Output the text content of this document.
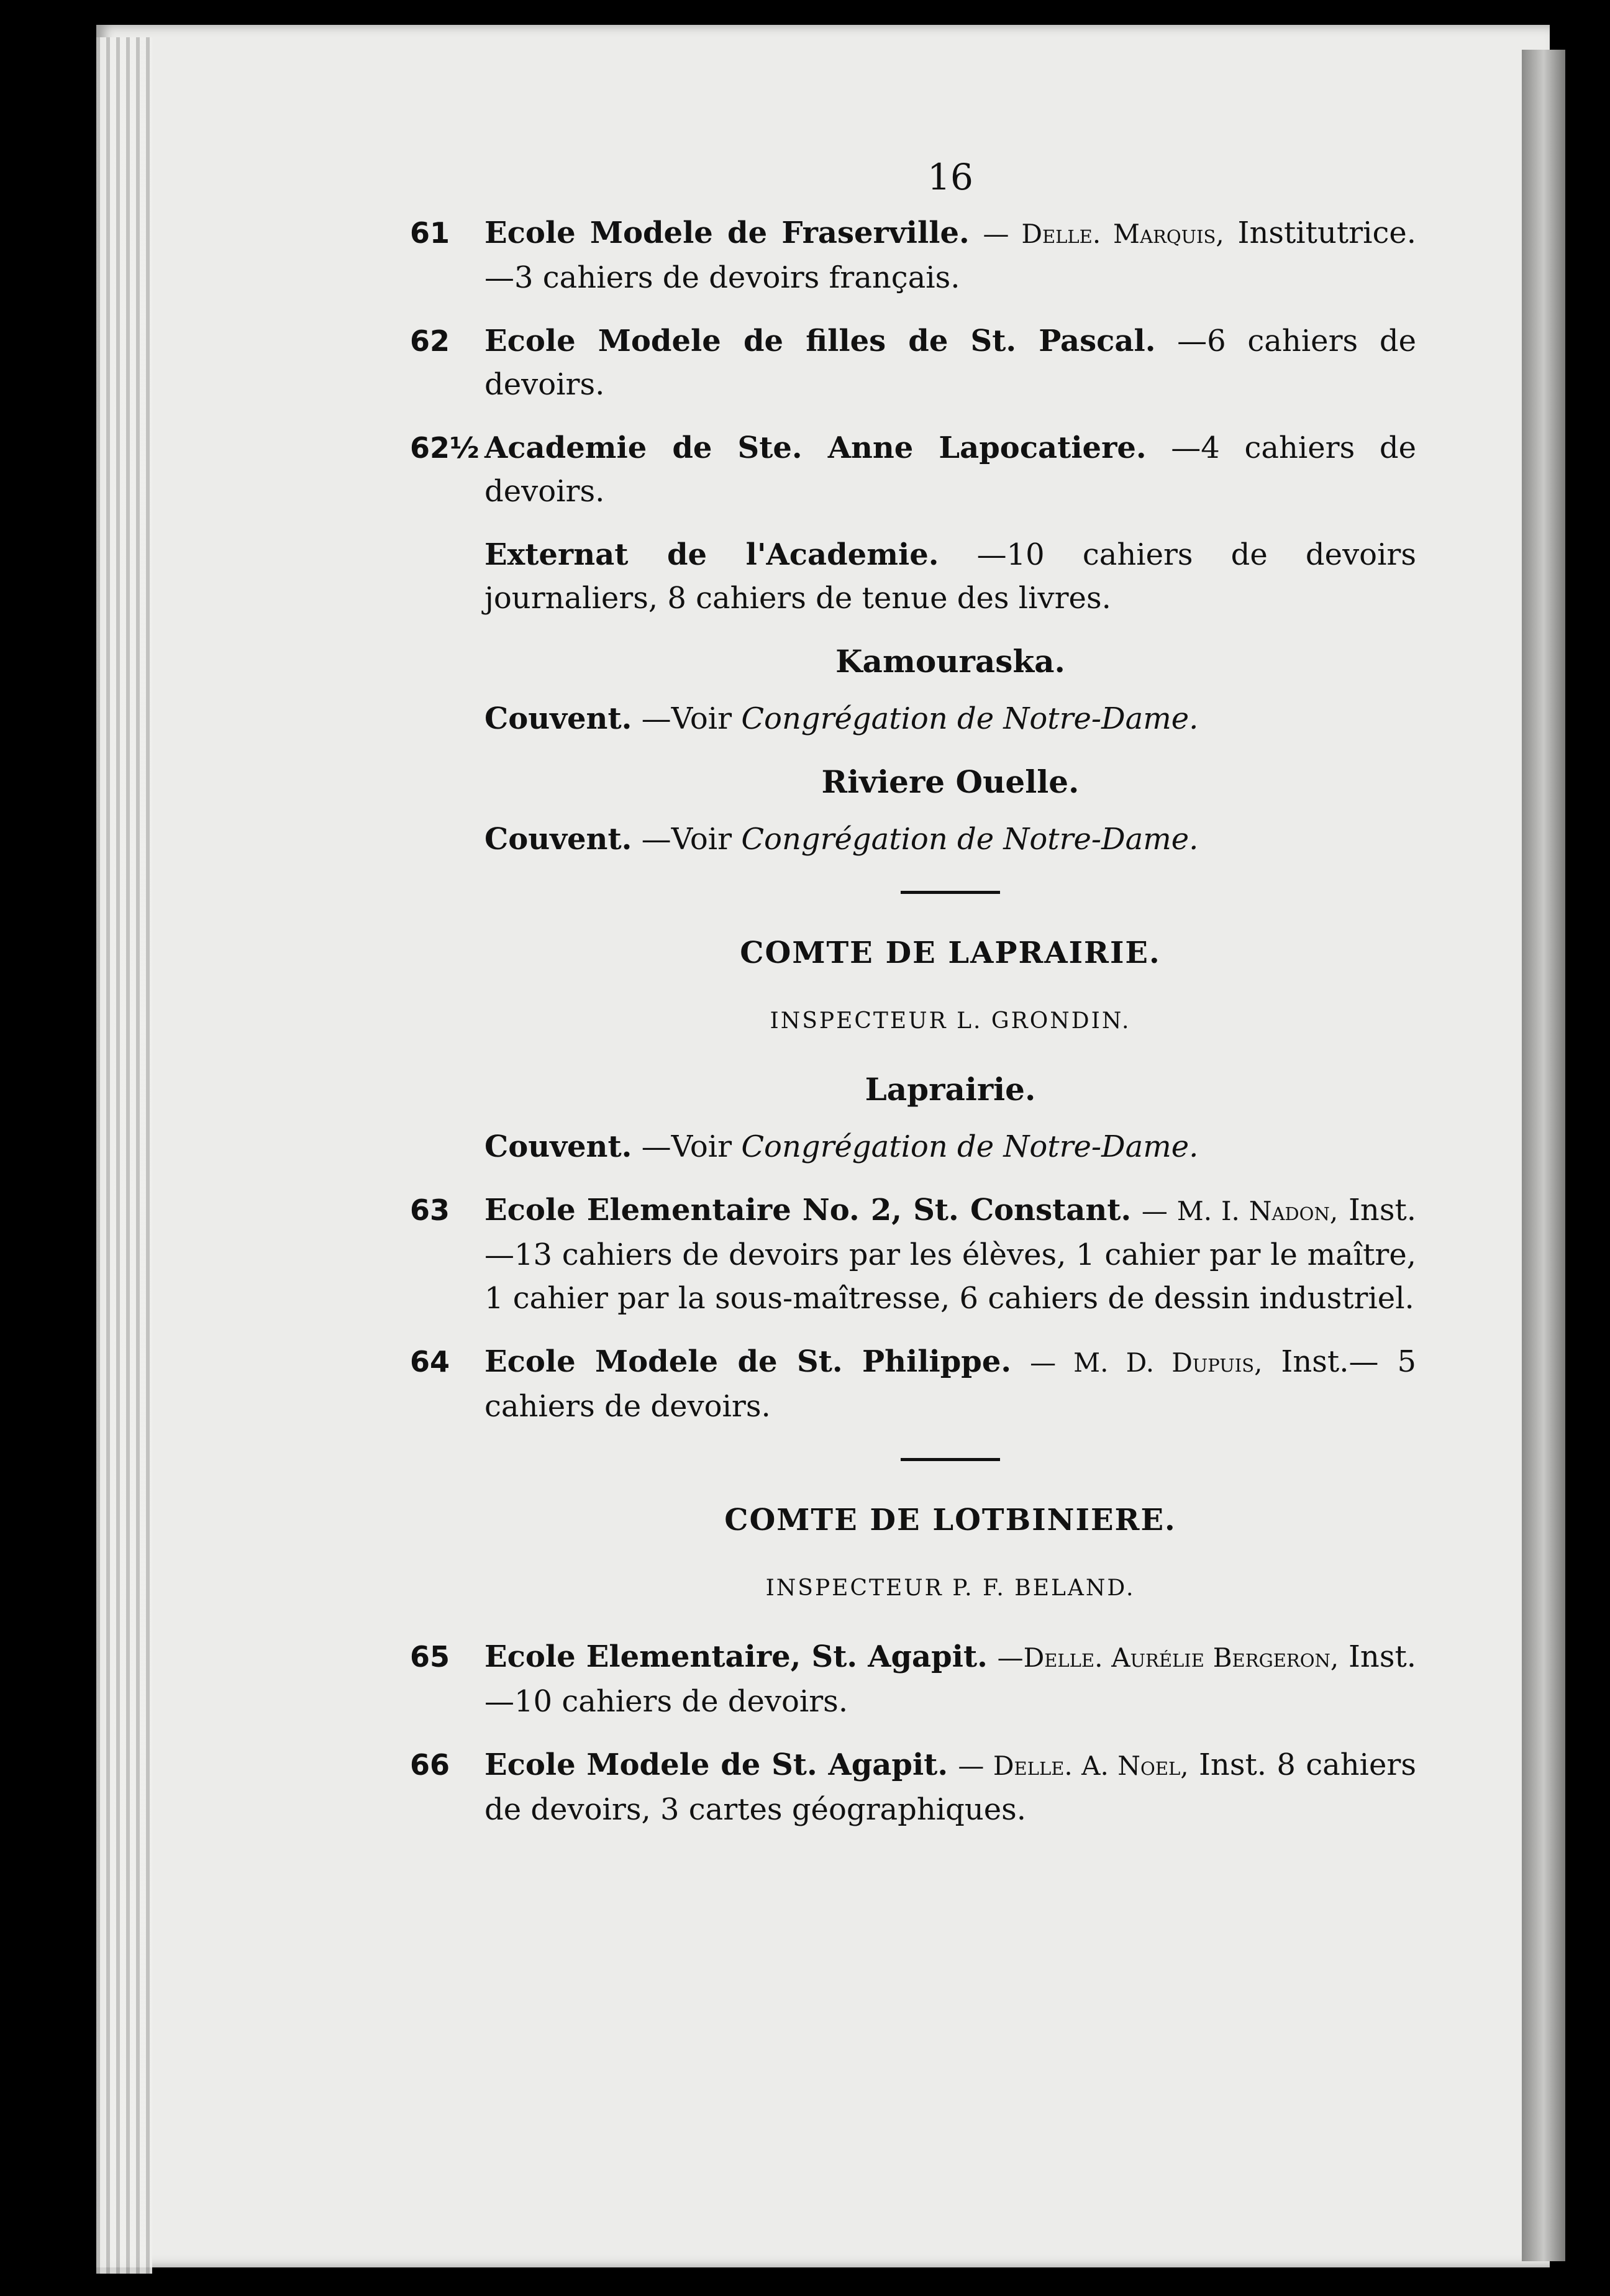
16
61 Ecole Modele de Fraserville. — Delle. Marquis, Institutrice. —3 cahiers de devoirs français.
62 Ecole Modele de filles de St. Pascal. —6 cahiers de devoirs.
62½ Academie de Ste. Anne Lapocatiere. —4 cahiers de devoirs.
Externat de l'Academie. —10 cahiers de devoirs journaliers, 8 cahiers de tenue des livres.
Kamouraska.
Couvent. —Voir Congrégation de Notre-Dame.
Riviere Ouelle.
Couvent. —Voir Congrégation de Notre-Dame.
COMTE DE LAPRAIRIE.
INSPECTEUR L. GRONDIN.
Laprairie.
Couvent. —Voir Congrégation de Notre-Dame.
63 Ecole Elementaire No. 2, St. Constant. — M. I. Nadon, Inst. —13 cahiers de devoirs par les élèves, 1 cahier par le maître, 1 cahier par la sous-maîtresse, 6 cahiers de dessin industriel.
64 Ecole Modele de St. Philippe. — M. D. Dupuis, Inst.— 5 cahiers de devoirs.
COMTE DE LOTBINIERE.
INSPECTEUR P. F. BELAND.
65 Ecole Elementaire, St. Agapit. —Delle. Aurélie Bergeron, Inst. —10 cahiers de devoirs.
66 Ecole Modele de St. Agapit. — Delle. A. Noel, Inst. 8 cahiers de devoirs, 3 cartes géographiques.
